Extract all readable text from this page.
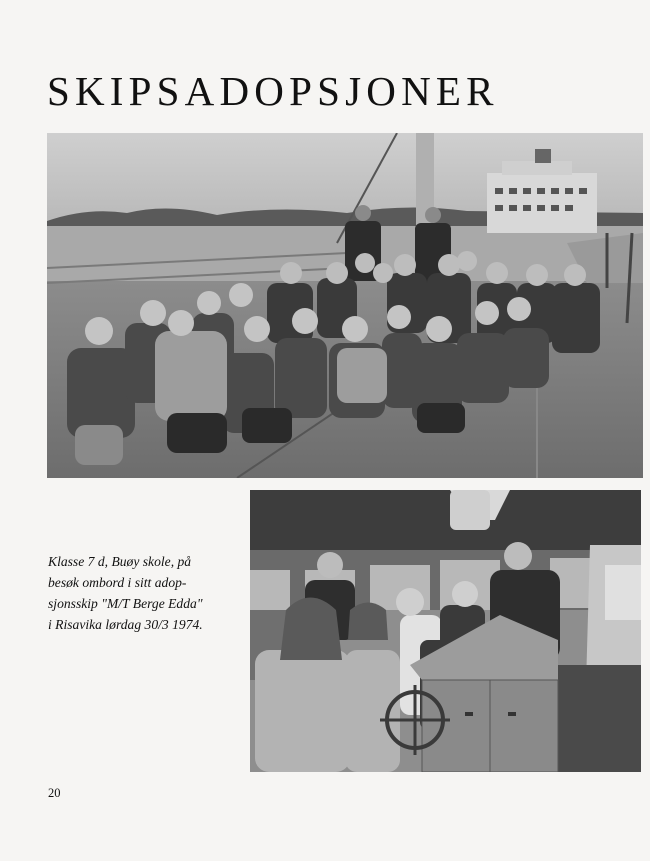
SKIPSADOPSJONER
Klasse 7 d, Buøy skole, på
besøk ombord i sitt adop-
sjonsskip "M/T Berge Edda"
i Risavika lørdag 30/3 1974.
20
